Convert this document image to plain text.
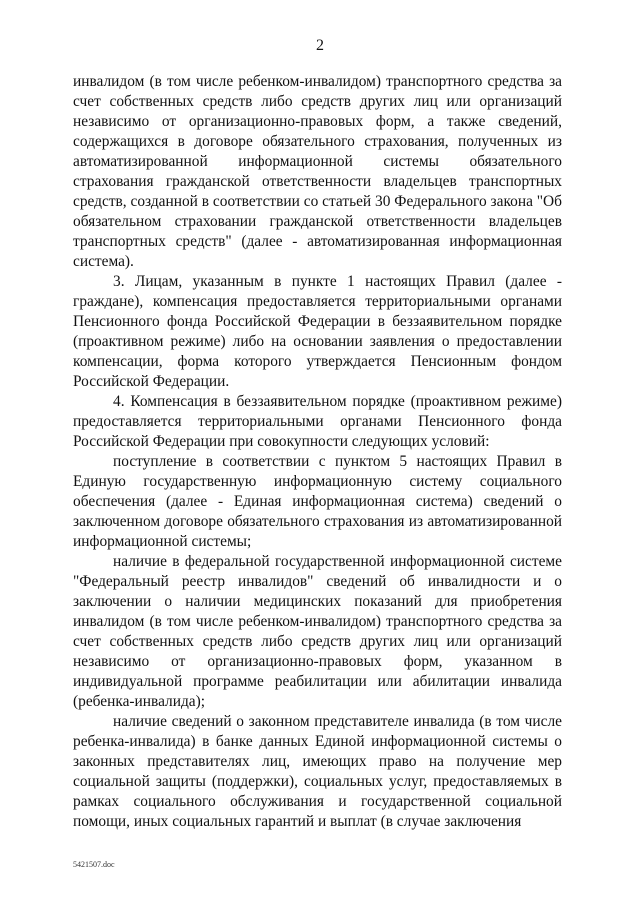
2

инвалидом (в том числе ребенком-инвалидом) транспортного средства за счет собственных средств либо средств других лиц или организаций независимо от организационно-правовых форм, а также сведений, содержащихся в договоре обязательного страхования, полученных из автоматизированной информационной системы обязательного страхования гражданской ответственности владельцев транспортных средств, созданной в соответствии со статьей 30 Федерального закона "Об обязательном страховании гражданской ответственности владельцев транспортных средств" (далее - автоматизированная информационная система).

3. Лицам, указанным в пункте 1 настоящих Правил (далее - граждане), компенсация предоставляется территориальными органами Пенсионного фонда Российской Федерации в беззаявительном порядке (проактивном режиме) либо на основании заявления о предоставлении компенсации, форма которого утверждается Пенсионным фондом Российской Федерации.

4. Компенсация в беззаявительном порядке (проактивном режиме) предоставляется территориальными органами Пенсионного фонда Российской Федерации при совокупности следующих условий:

поступление в соответствии с пунктом 5 настоящих Правил в Единую государственную информационную систему социального обеспечения (далее - Единая информационная система) сведений о заключенном договоре обязательного страхования из автоматизированной информационной системы;

наличие в федеральной государственной информационной системе "Федеральный реестр инвалидов" сведений об инвалидности и о заключении о наличии медицинских показаний для приобретения инвалидом (в том числе ребенком-инвалидом) транспортного средства за счет собственных средств либо средств других лиц или организаций независимо от организационно-правовых форм, указанном в индивидуальной программе реабилитации или абилитации инвалида (ребенка-инвалида);

наличие сведений о законном представителе инвалида (в том числе ребенка-инвалида) в банке данных Единой информационной системы о законных представителях лиц, имеющих право на получение мер социальной защиты (поддержки), социальных услуг, предоставляемых в рамках социального обслуживания и государственной социальной помощи, иных социальных гарантий и выплат (в случае заключения

5421507.doc
